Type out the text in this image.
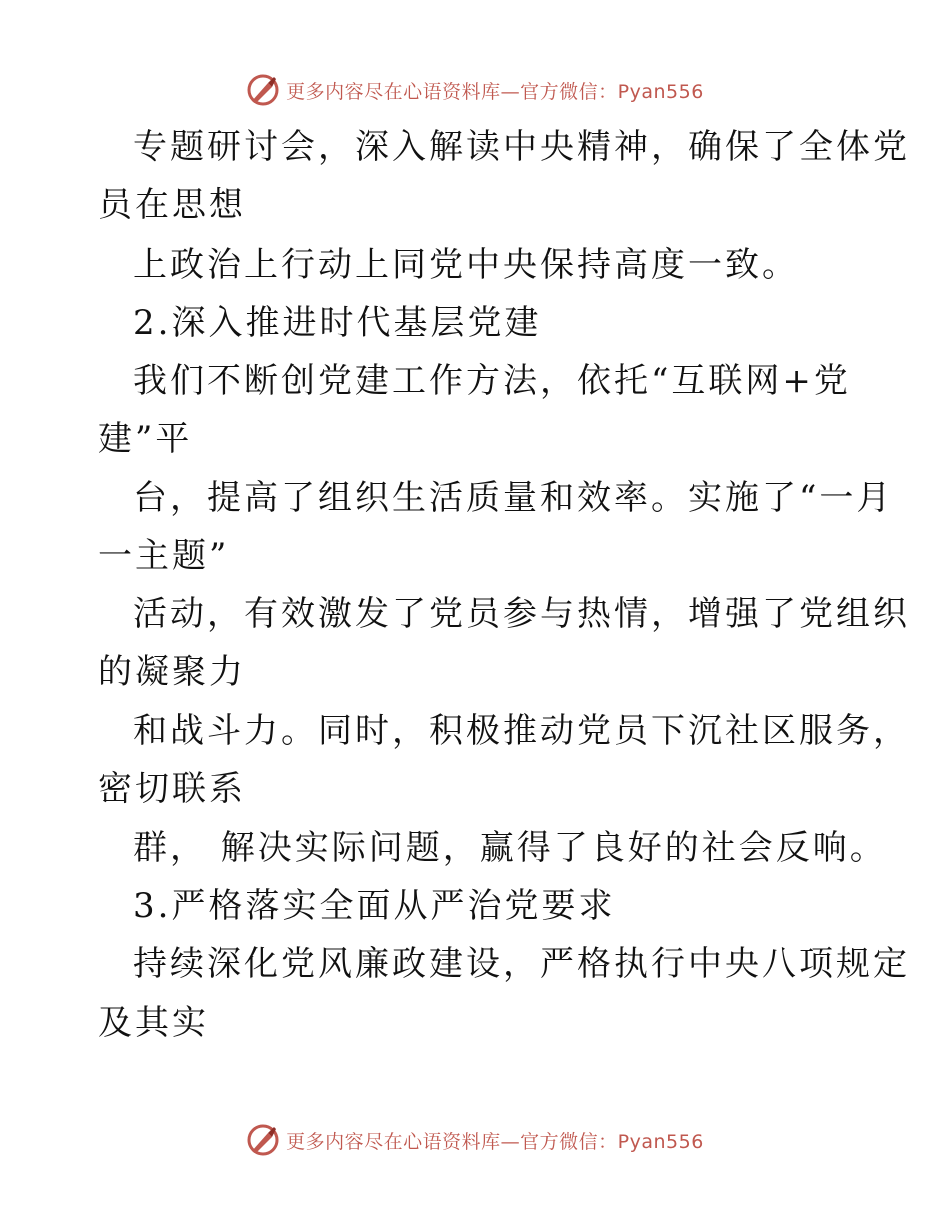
更多内容尽在心语资料库—官方微信：Pyan556
专题研讨会，深入解读中央精神，确保了全体党
员在思想
上政治上行动上同党中央保持高度一致。
2.深入推进时代基层党建
我们不断创党建工作方法，依托“互联网+党
建”平
台，提高了组织生活质量和效率。实施了“一月
一主题”
活动，有效激发了党员参与热情，增强了党组织
的凝聚力
和战斗力。同时，积极推动党员下沉社区服务，
密切联系
群， 解决实际问题，赢得了良好的社会反响。
3.严格落实全面从严治党要求
持续深化党风廉政建设，严格执行中央八项规定
及其实
更多内容尽在心语资料库—官方微信：Pyan556
